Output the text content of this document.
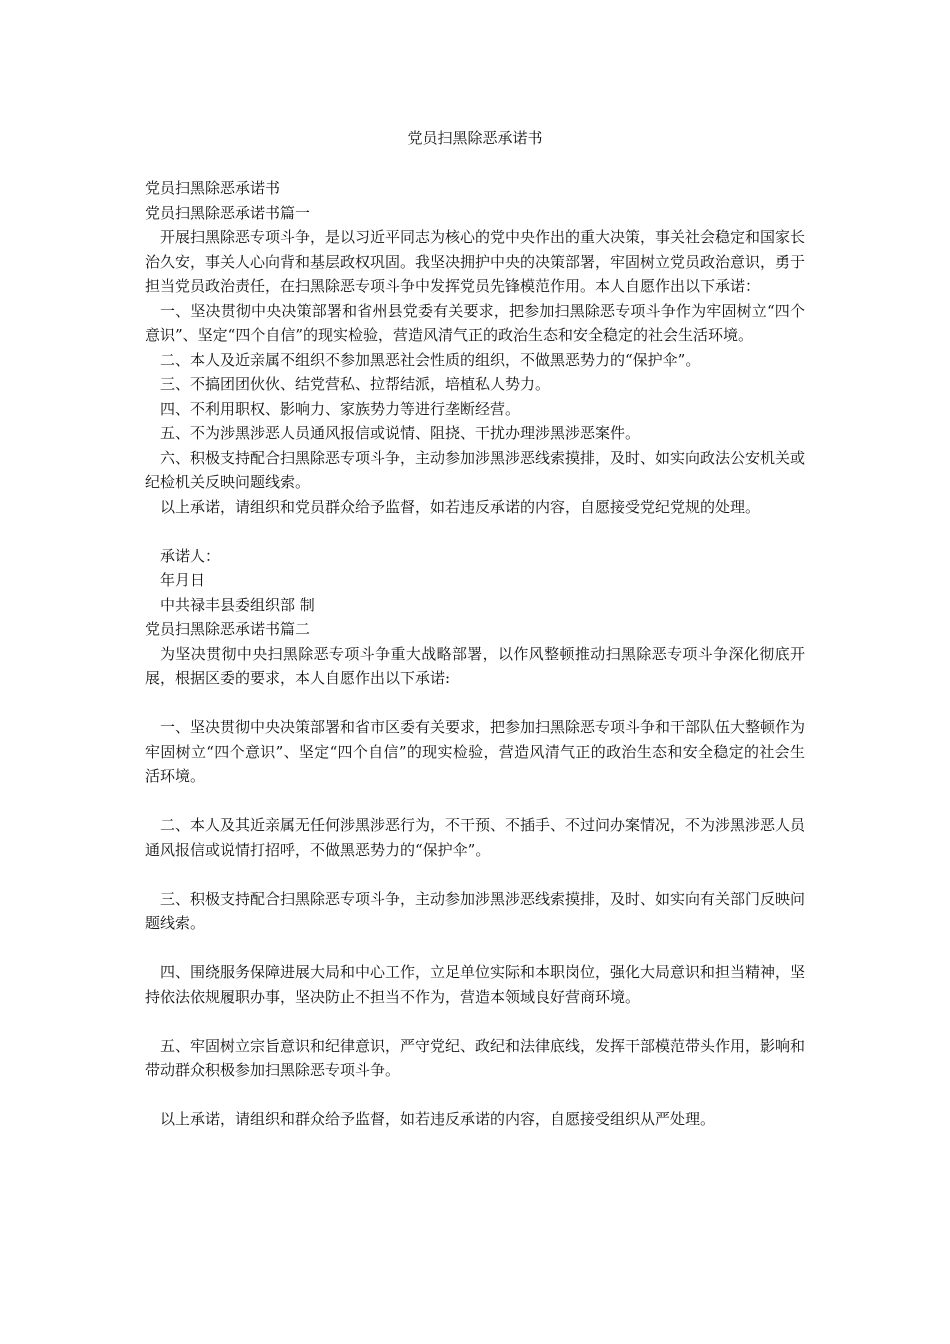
党员扫黑除恶承诺书

党员扫黑除恶承诺书

党员扫黑除恶承诺书篇一

开展扫黑除恶专项斗争，是以习近平同志为核心的党中央作出的重大决策，事关社会稳定和国家长治久安，事关人心向背和基层政权巩固。我坚决拥护中央的决策部署，牢固树立党员政治意识，勇于担当党员政治责任，在扫黑除恶专项斗争中发挥党员先锋模范作用。本人自愿作出以下承诺：

一、坚决贯彻中央决策部署和省州县党委有关要求，把参加扫黑除恶专项斗争作为牢固树立“四个意识”、坚定“四个自信”的现实检验，营造风清气正的政治生态和安全稳定的社会生活环境。

二、本人及近亲属不组织不参加黑恶社会性质的组织，不做黑恶势力的“保护伞”。

三、不搞团团伙伙、结党营私、拉帮结派，培植私人势力。

四、不利用职权、影响力、家族势力等进行垄断经营。

五、不为涉黑涉恶人员通风报信或说情、阻挠、干扰办理涉黑涉恶案件。

六、积极支持配合扫黑除恶专项斗争，主动参加涉黑涉恶线索摸排，及时、如实向政法公安机关或纪检机关反映问题线索。

以上承诺，请组织和党员群众给予监督，如若违反承诺的内容，自愿接受党纪党规的处理。

承诺人：

年月日

中共禄丰县委组织部 制

党员扫黑除恶承诺书篇二

为坚决贯彻中央扫黑除恶专项斗争重大战略部署，以作风整顿推动扫黑除恶专项斗争深化彻底开展，根据区委的要求，本人自愿作出以下承诺:

一、坚决贯彻中央决策部署和省市区委有关要求，把参加扫黑除恶专项斗争和干部队伍大整顿作为牢固树立“四个意识”、坚定“四个自信”的现实检验，营造风清气正的政治生态和安全稳定的社会生活环境。

二、本人及其近亲属无任何涉黑涉恶行为，不干预、不插手、不过问办案情况，不为涉黑涉恶人员通风报信或说情打招呼，不做黑恶势力的“保护伞”。

三、积极支持配合扫黑除恶专项斗争，主动参加涉黑涉恶线索摸排，及时、如实向有关部门反映问题线索。

四、围绕服务保障进展大局和中心工作，立足单位实际和本职岗位，强化大局意识和担当精神，坚持依法依规履职办事，坚决防止不担当不作为，营造本领域良好营商环境。

五、牢固树立宗旨意识和纪律意识，严守党纪、政纪和法律底线，发挥干部模范带头作用，影响和带动群众积极参加扫黑除恶专项斗争。

以上承诺，请组织和群众给予监督，如若违反承诺的内容，自愿接受组织从严处理。
